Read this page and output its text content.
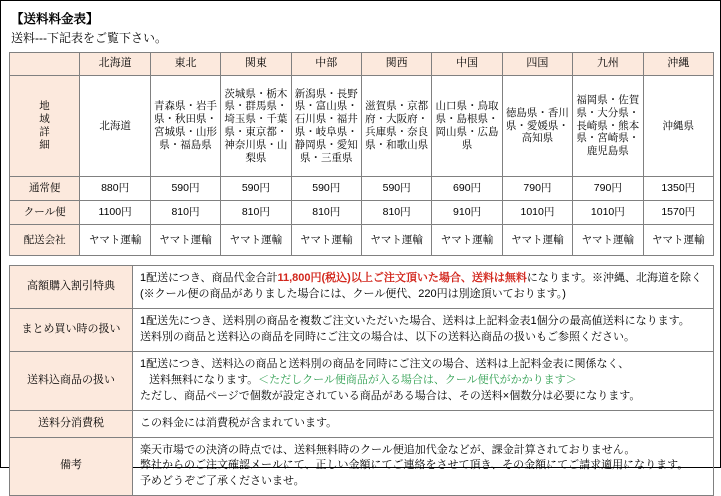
【送料料金表】
送料---下記表をご覧下さい。
	北海道	東北	関東	中部	関西	中国	四国	九州	沖縄

地
域
詳
細	北海道	青森県・岩手県・秋田県・宮城県・山形県・福島県	茨城県・栃木県・群馬県・埼玉県・千葉県・東京都・神奈川県・山梨県	新潟県・長野県・富山県・石川県・福井県・岐阜県・静岡県・愛知県・三重県	滋賀県・京都府・大阪府・兵庫県・奈良県・和歌山県	山口県・鳥取県・島根県・岡山県・広島県	徳島県・香川県・愛媛県・高知県	福岡県・佐賀県・大分県・長崎県・熊本県・宮崎県・鹿児島県	沖縄県
通常便	880円	590円	590円	590円	590円	690円	790円	790円	1350円
クール便	1100円	810円	810円	810円	810円	910円	1010円	1010円	1570円
配送会社	ヤマト運輸	ヤマト運輸	ヤマト運輸	ヤマト運輸	ヤマト運輸	ヤマト運輸	ヤマト運輸	ヤマト運輸	ヤマト運輸
高額購入割引特典	1配送につき、商品代金合計11,800円(税込)以上ご注文頂いた場合、送料は無料になります。※沖縄、北海道を除く
(※クール便の商品がありました場合には、クール便代、220円は別途頂いております。)

まとめ買い時の扱い	1配送先につき、送料別の商品を複数ご注文いただいた場合、送料は上記料金表1個分の最高値送料になります。
送料別の商品と送料込の商品を同時にご注文の場合は、以下の送料込商品の扱いもご参照ください。

送料込商品の扱い	1配送につき、送料込の商品と送料別の商品を同時にご注文の場合、送料は上記料金表に関係なく、
送料無料になります。＜ただしクール便商品が入る場合は、クール便代がかかります＞
ただし、商品ページで個数が設定されている商品がある場合は、その送料×個数分は必要になります。

送料分消費税	この料金には消費税が含まれています。

備考	楽天市場での決済の時点では、送料無料時のクール便追加代金などが、課金計算されておりません。
弊社からのご注文確認メールにて、正しい金額にてご連絡をさせて頂き、その金額にてご請求適用になります。
予めどうぞご了承くださいませ。
